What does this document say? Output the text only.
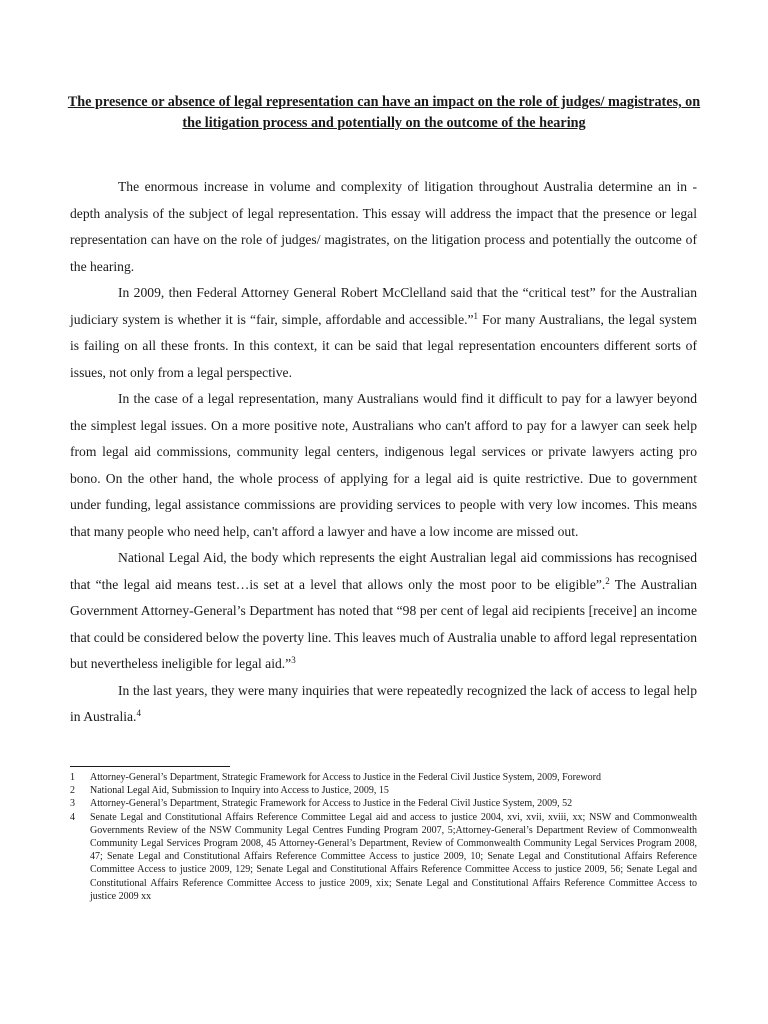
The presence or absence of legal representation can have an impact on the role of judges/ magistrates, on the litigation process and potentially on the outcome of the hearing

The enormous increase in volume and complexity of litigation throughout Australia determine an in - depth analysis of the subject of legal representation. This essay will address the impact that the presence or legal representation can have on the role of judges/ magistrates, on the litigation process and potentially the outcome of the hearing.

In 2009, then Federal Attorney General Robert McClelland said that the “critical test” for the Australian judiciary system is whether it is “fair, simple, affordable and accessible.”$^1$ For many Australians, the legal system is failing on all these fronts. In this context, it can be said that legal representation encounters different sorts of issues, not only from a legal perspective.

In the case of a legal representation, many Australians would find it difficult to pay for a lawyer beyond the simplest legal issues. On a more positive note, Australians who can't afford to pay for a lawyer can seek help from legal aid commissions, community legal centers, indigenous legal services or private lawyers acting pro bono. On the other hand, the whole process of applying for a legal aid is quite restrictive. Due to government under funding, legal assistance commissions are providing services to people with very low incomes. This means that many people who need help, can't afford a lawyer and have a low income are missed out.

National Legal Aid, the body which represents the eight Australian legal aid commissions has recognised that “the legal aid means test…is set at a level that allows only the most poor to be eligible”.$^2$ The Australian Government Attorney-General’s Department has noted that “98 per cent of legal aid recipients [receive] an income that could be considered below the poverty line. This leaves much of Australia unable to afford legal representation but nevertheless ineligible for legal aid.”$^3$

In the last years, they were many inquiries that were repeatedly recognized the lack of access to legal help in Australia.$^4$

1	Attorney-General’s Department, Strategic Framework for Access to Justice in the Federal Civil Justice System, 2009, Foreword
2	National Legal Aid, Submission to Inquiry into Access to Justice, 2009, 15
3	Attorney-General’s Department, Strategic Framework for Access to Justice in the Federal Civil Justice System, 2009, 52
4	Senate Legal and Constitutional Affairs Reference Committee Legal aid and access to justice 2004, xvi, xvii, xviii, xx; NSW and Commonwealth Governments Review of the NSW Community Legal Centres Funding Program 2007, 5;Attorney-General’s Department Review of Commonwealth Community Legal Services Program 2008, 45 Attorney-General’s Department, Review of Commonwealth Community Legal Services Program 2008, 47; Senate Legal and Constitutional Affairs Reference Committee Access to justice 2009, 10; Senate Legal and Constitutional Affairs Reference Committee Access to justice 2009, 129; Senate Legal and Constitutional Affairs Reference Committee Access to justice 2009, 56; Senate Legal and Constitutional Affairs Reference Committee Access to justice 2009, xix; Senate Legal and Constitutional Affairs Reference Committee Access to justice 2009 xx
